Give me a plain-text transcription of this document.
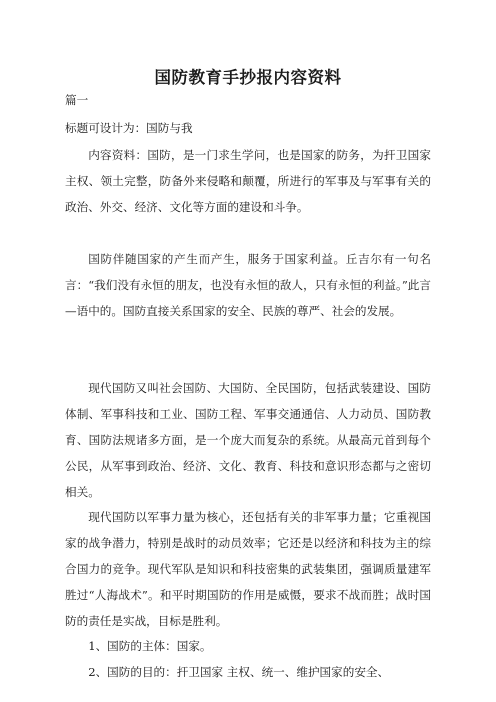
国防教育手抄报内容资料

篇一

标题可设计为：国防与我

内容资料：国防，是一门求生学问，也是国家的防务，为扞卫国家主权、领土完整，防备外来侵略和颠覆，所进行的军事及与军事有关的政治、外交、经济、文化等方面的建设和斗争。

国防伴随国家的产生而产生，服务于国家利益。丘吉尔有一句名言：“我们没有永恒的朋友，也没有永恒的敌人，只有永恒的利益。”此言—语中的。国防直接关系国家的安全、民族的尊严、社会的发展。

现代国防又叫社会国防、大国防、全民国防，包括武装建设、国防体制、军事科技和工业、国防工程、军事交通通信、人力动员、国防教育、国防法规诸多方面，是一个庞大而复杂的系统。从最高元首到每个公民，从军事到政治、经济、文化、教育、科技和意识形态都与之密切相关。

现代国防以军事力量为核心，还包括有关的非军事力量；它重视国家的战争潜力，特别是战时的动员效率；它还是以经济和科技为主的综合国力的竞争。现代军队是知识和科技密集的武装集团，强调质量建军胜过“人海战术”。和平时期国防的作用是威慑，要求不战而胜；战时国防的责任是实战，目标是胜利。

1、国防的主体：国家。

2、国防的目的：扞卫国家 主权、统一、维护国家的安全、
